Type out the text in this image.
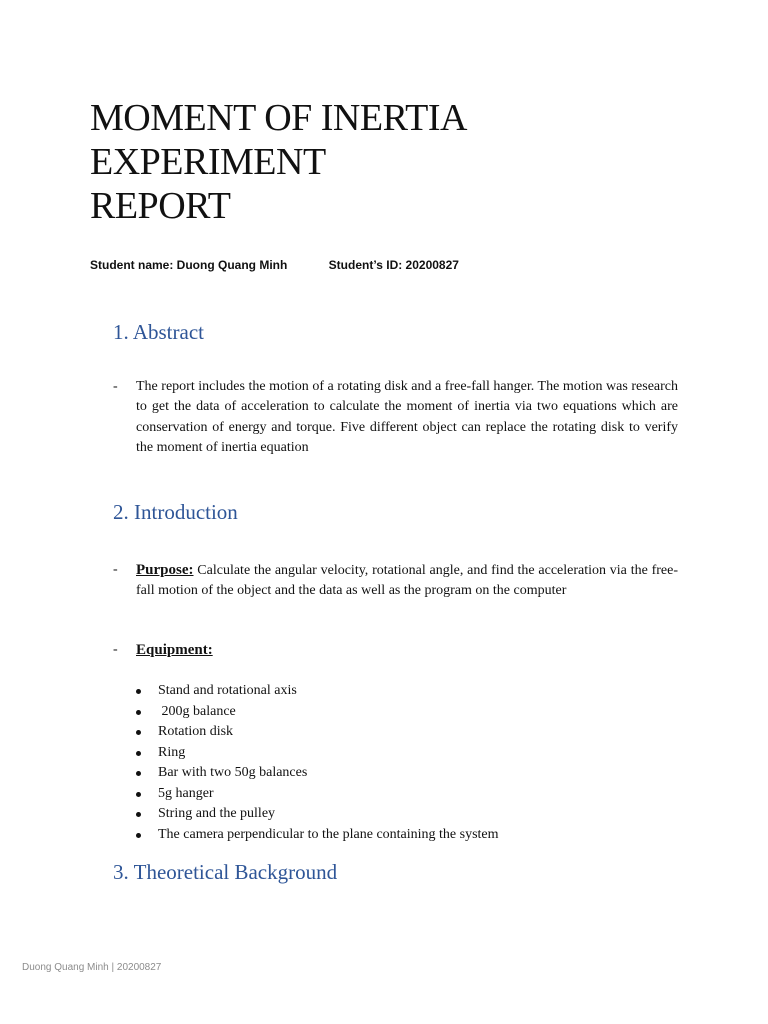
MOMENT OF INERTIA
EXPERIMENT
REPORT
Student name: Duong Quang Minh	Student’s ID: 20200827
1. Abstract
- The report includes the motion of a rotating disk and a free-fall hanger. The motion was research to get the data of acceleration to calculate the moment of inertia via two equations which are conservation of energy and torque. Five different object can replace the rotating disk to verify the moment of inertia equation
2. Introduction
- Purpose: Calculate the angular velocity, rotational angle, and find the acceleration via the free-fall motion of the object and the data as well as the program on the computer
- Equipment:
Stand and rotational axis
200g balance
Rotation disk
Ring
Bar with two 50g balances
5g hanger
String and the pulley
The camera perpendicular to the plane containing the system
3. Theoretical Background
Duong Quang Minh | 20200827
